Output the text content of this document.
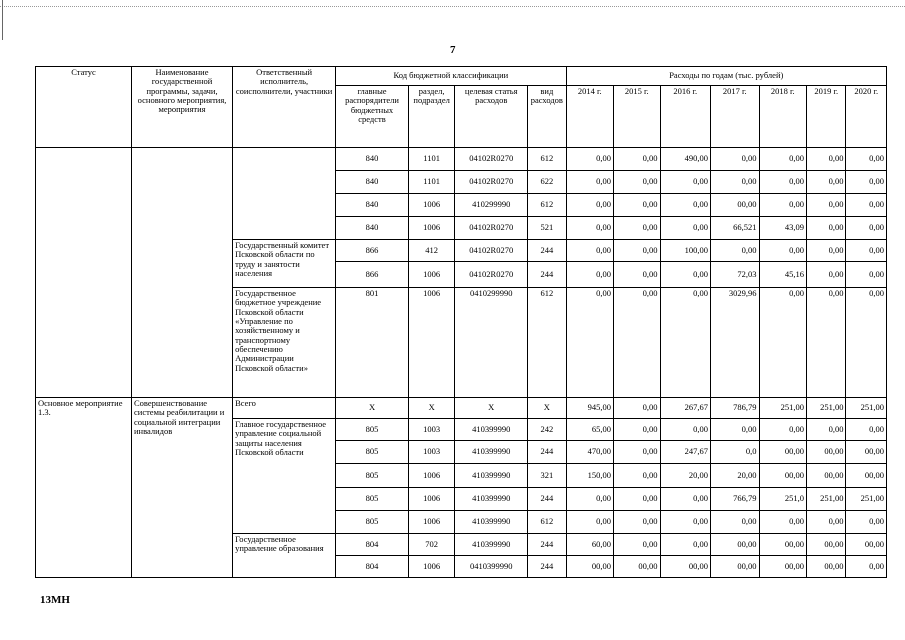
7
Статус	Наименование государственной программы, задачи, основного мероприятия, мероприятия	Ответственный исполнитель, соисполнители, участники	Код бюджетной классификации				Расходы по годам (тыс. рублей)						
			главные распорядители бюджетных средств	раздел, подраздел	целевая статья расходов	вид расходов	2014 г.	2015 г.	2016 г.	2017 г.	2018 г.	2019 г.	2020 г.
			840	1101	04102R0270	612	0,00	0,00	490,00	0,00	0,00	0,00	0,00
			840	1101	04102R0270	622	0,00	0,00	0,00	0,00	0,00	0,00	0,00
			840	1006	410299990	612	0,00	0,00	0,00	00,00	0,00	0,00	0,00
			840	1006	04102R0270	521	0,00	0,00	0,00	66,521	43,09	0,00	0,00
		Государственный комитет Псковской области по труду и занятости населения	866	412	04102R0270	244	0,00	0,00	100,00	0,00	0,00	0,00	0,00
			866	1006	04102R0270	244	0,00	0,00	0,00	72,03	45,16	0,00	0,00
		Государственное бюджетное учреждение Псковской области «Управление по хозяйственному и транспортному обеспечению Администрации Псковской области»	801	1006	0410299990	612	0,00	0,00	0,00	3029,96	0,00	0,00	0,00
Основное мероприятие 1.3.	Совершенствование системы реабилитации и социальной интеграции инвалидов	Всего	X	X	X	X	945,00	0,00	267,67	786,79	251,00	251,00	251,00
		Главное государственное управление социальной защиты населения Псковской области	805	1003	410399990	242	65,00	0,00	0,00	0,00	0,00	0,00	0,00
			805	1003	410399990	244	470,00	0,00	247,67	0,0	00,00	00,00	00,00
			805	1006	410399990	321	150,00	0,00	20,00	20,00	00,00	00,00	00,00
			805	1006	410399990	244	0,00	0,00	0,00	766,79	251,0	251,00	251,00
			805	1006	410399990	612	0,00	0,00	0,00	0,00	0,00	0,00	0,00
		Государственное управление образования	804	702	410399990	244	60,00	0,00	0,00	00,00	00,00	00,00	00,00
			804	1006	0410399990	244	00,00	00,00	00,00	00,00	00,00	00,00	0,00
13МН
